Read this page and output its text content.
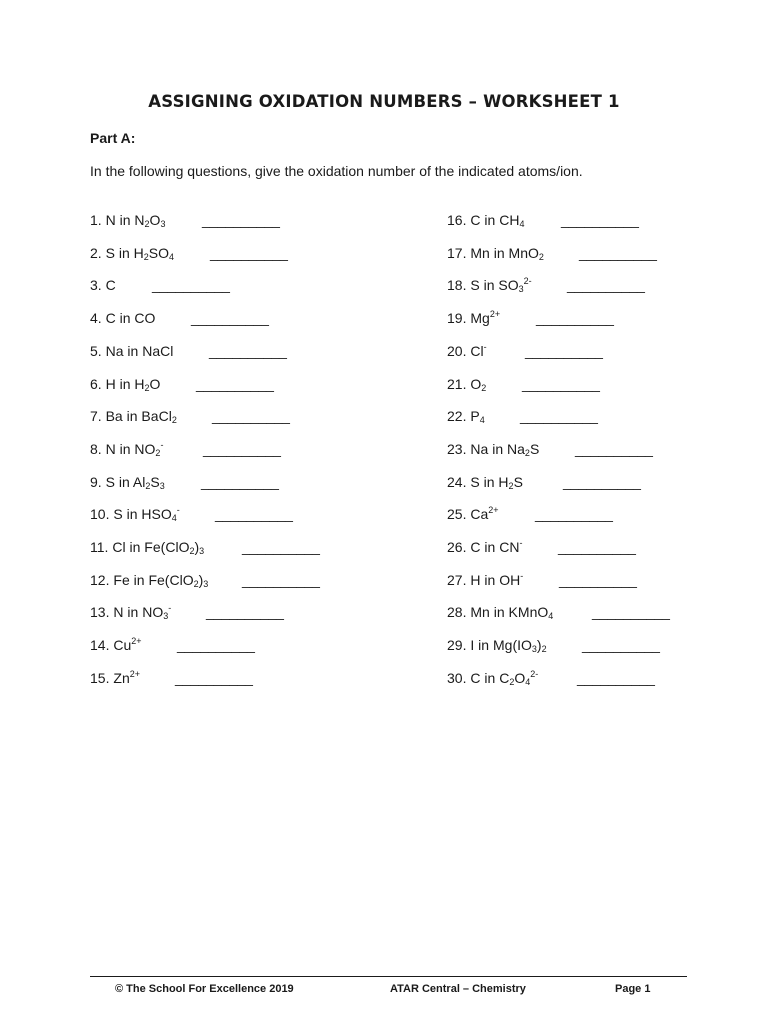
ASSIGNING OXIDATION NUMBERS – WORKSHEET 1
Part A:
In the following questions, give the oxidation number of the indicated atoms/ion.
1. N in $N_2O_3$	__________
2. S in $H_2SO_4$	__________
3. C	__________
4. C in CO	__________
5. Na in NaCl	__________
6. H in $H_2O$	__________
7. Ba in BaCl$_2$	__________
8. N in $NO_2^-$	__________
9. S in $Al_2S_3$	__________
10. S in $HSO_4^-$	__________
11. Cl in $Fe(ClO_2)_3$	__________
12. Fe in $Fe(ClO_2)_3$ __________
13. N in $NO_3^-$ __________
14. $Cu^{2+}$	__________
15. $Zn^{2+}$	__________
16. C in $CH_4$	__________
17. Mn in MnO$_2$	__________
18. S in $SO_3^{2-}$	__________
19. $Mg^{2+}$	__________
20. Cl-	__________
21. $O_2$	__________
22. $P_4$	__________
23. Na in $Na_2S$	__________
24. S in $H_2S$	__________
25. $Ca^{2+}$	__________
26. C in CN-	__________
27. H in OH-	__________
28. Mn in KMnO$_4$	__________
29. I in $Mg(IO_3)_2$	__________
30. C in $C_2O_4^{2-}$	__________
© The School For Excellence 2019	ATAR Central – Chemistry	Page 1
